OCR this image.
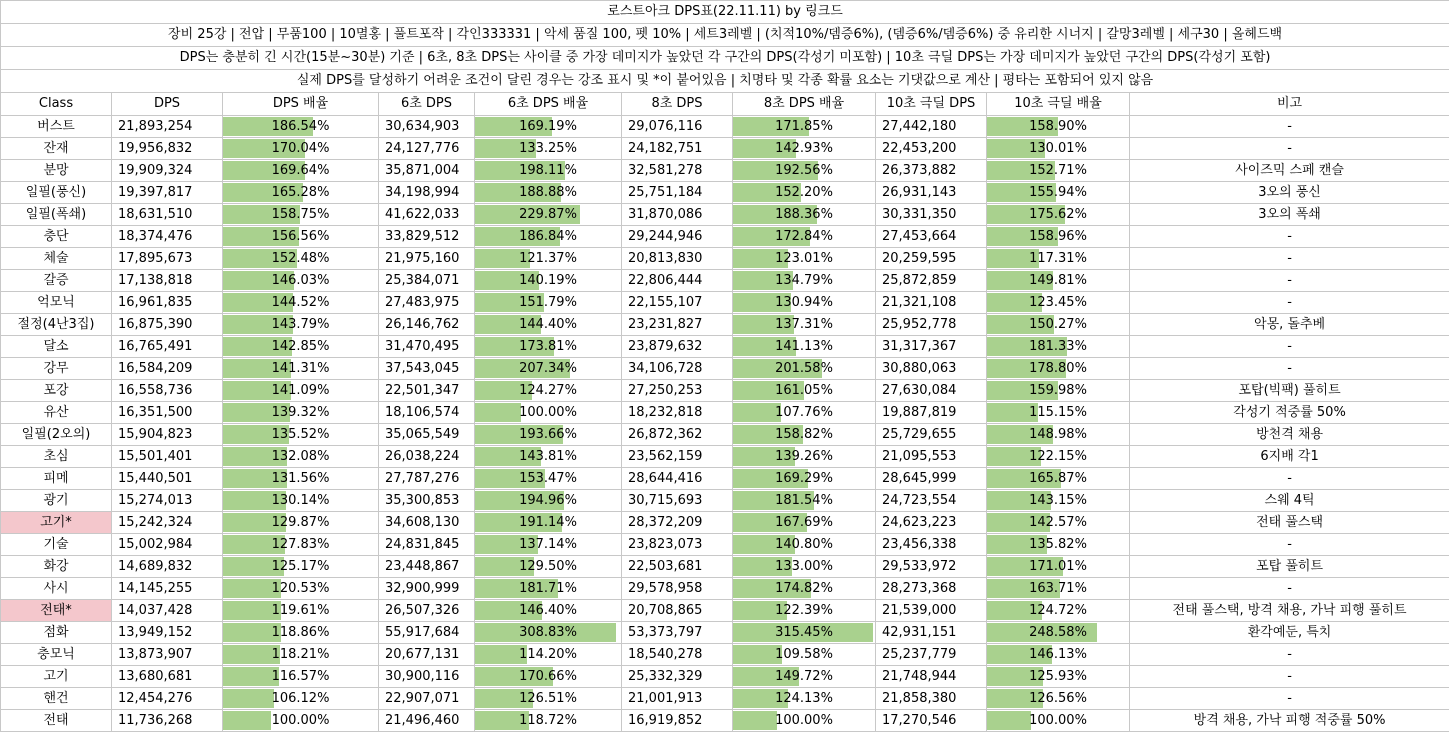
로스트아크 DPS표(22.11.11) by 링크드									
장비 25강 | 전압 | 무품100 | 10멸홍 | 풀트포작 | 각인333331 | 악세 품질 100, 펫 10% | 세트3레벨 | (치적10%/뎀증6%), (뎀증6%/뎀증6%) 중 유리한 시너지 | 갈망3레벨 | 세구30 | 올헤드백									
DPS는 충분히 긴 시간(15분~30분) 기준 | 6초, 8초 DPS는 사이클 중 가장 데미지가 높았던 각 구간의 DPS(각성기 미포함) | 10초 극딜 DPS는 가장 데미지가 높았던 구간의 DPS(각성기 포함)									
실제 DPS를 달성하기 어려운 조건이 달린 경우는 강조 표시 및 *이 붙어있음 | 치명타 및 각종 확률 요소는 기댓값으로 계산 | 평타는 포함되어 있지 않음									
Class	DPS	DPS 배율	6초 DPS	6초 DPS 배율	8초 DPS	8초 DPS 배율	10초 극딜 DPS	10초 극딜 배율	비고
버스트	21,893,254	186.54%	30,634,903	169.19%	29,076,116	171.85%	27,442,180	158.90%	-
잔재	19,956,832	170.04%	24,127,776	133.25%	24,182,751	142.93%	22,453,200	130.01%	-
분망	19,909,324	169.64%	35,871,004	198.11%	32,581,278	192.56%	26,373,882	152.71%	사이즈믹 스페 캔슬
일필(풍신)	19,397,817	165.28%	34,198,994	188.88%	25,751,184	152.20%	26,931,143	155.94%	3오의 풍신
일필(폭쇄)	18,631,510	158.75%	41,622,033	229.87%	31,870,086	188.36%	30,331,350	175.62%	3오의 폭쇄
충단	18,374,476	156.56%	33,829,512	186.84%	29,244,946	172.84%	27,453,664	158.96%	-
체술	17,895,673	152.48%	21,975,160	121.37%	20,813,830	123.01%	20,259,595	117.31%	-
갈증	17,138,818	146.03%	25,384,071	140.19%	22,806,444	134.79%	25,872,859	149.81%	-
억모닉	16,961,835	144.52%	27,483,975	151.79%	22,155,107	130.94%	21,321,108	123.45%	-
절정(4난3집)	16,875,390	143.79%	26,146,762	144.40%	23,231,827	137.31%	25,952,778	150.27%	악몽, 돌추베
달소	16,765,491	142.85%	31,470,495	173.81%	23,879,632	141.13%	31,317,367	181.33%	-
강무	16,584,209	141.31%	37,543,045	207.34%	34,106,728	201.58%	30,880,063	178.80%	-
포강	16,558,736	141.09%	22,501,347	124.27%	27,250,253	161.05%	27,630,084	159.98%	포탑(빅팩) 풀히트
유산	16,351,500	139.32%	18,106,574	100.00%	18,232,818	107.76%	19,887,819	115.15%	각성기 적중률 50%
일필(2오의)	15,904,823	135.52%	35,065,549	193.66%	26,872,362	158.82%	25,729,655	148.98%	방천격 채용
초심	15,501,401	132.08%	26,038,224	143.81%	23,562,159	139.26%	21,095,553	122.15%	6지배 각1
피메	15,440,501	131.56%	27,787,276	153.47%	28,644,416	169.29%	28,645,999	165.87%	-
광기	15,274,013	130.14%	35,300,853	194.96%	30,715,693	181.54%	24,723,554	143.15%	스웨 4틱
고기*	15,242,324	129.87%	34,608,130	191.14%	28,372,209	167.69%	24,623,223	142.57%	전태 풀스택
기술	15,002,984	127.83%	24,831,845	137.14%	23,823,073	140.80%	23,456,338	135.82%	-
화강	14,689,832	125.17%	23,448,867	129.50%	22,503,681	133.00%	29,533,972	171.01%	포탑 풀히트
사시	14,145,255	120.53%	32,900,999	181.71%	29,578,958	174.82%	28,273,368	163.71%	-
전태*	14,037,428	119.61%	26,507,326	146.40%	20,708,865	122.39%	21,539,000	124.72%	전태 풀스택, 방격 채용, 가낙 피행 풀히트
점화	13,949,152	118.86%	55,917,684	308.83%	53,373,797	315.45%	42,931,151	248.58%	환각예둔, 특치
충모닉	13,873,907	118.21%	20,677,131	114.20%	18,540,278	109.58%	25,237,779	146.13%	-
고기	13,680,681	116.57%	30,900,116	170.66%	25,332,329	149.72%	21,748,944	125.93%	-
핸건	12,454,276	106.12%	22,907,071	126.51%	21,001,913	124.13%	21,858,380	126.56%	-
전태	11,736,268	100.00%	21,496,460	118.72%	16,919,852	100.00%	17,270,546	100.00%	방격 채용, 가낙 피행 적중률 50%
